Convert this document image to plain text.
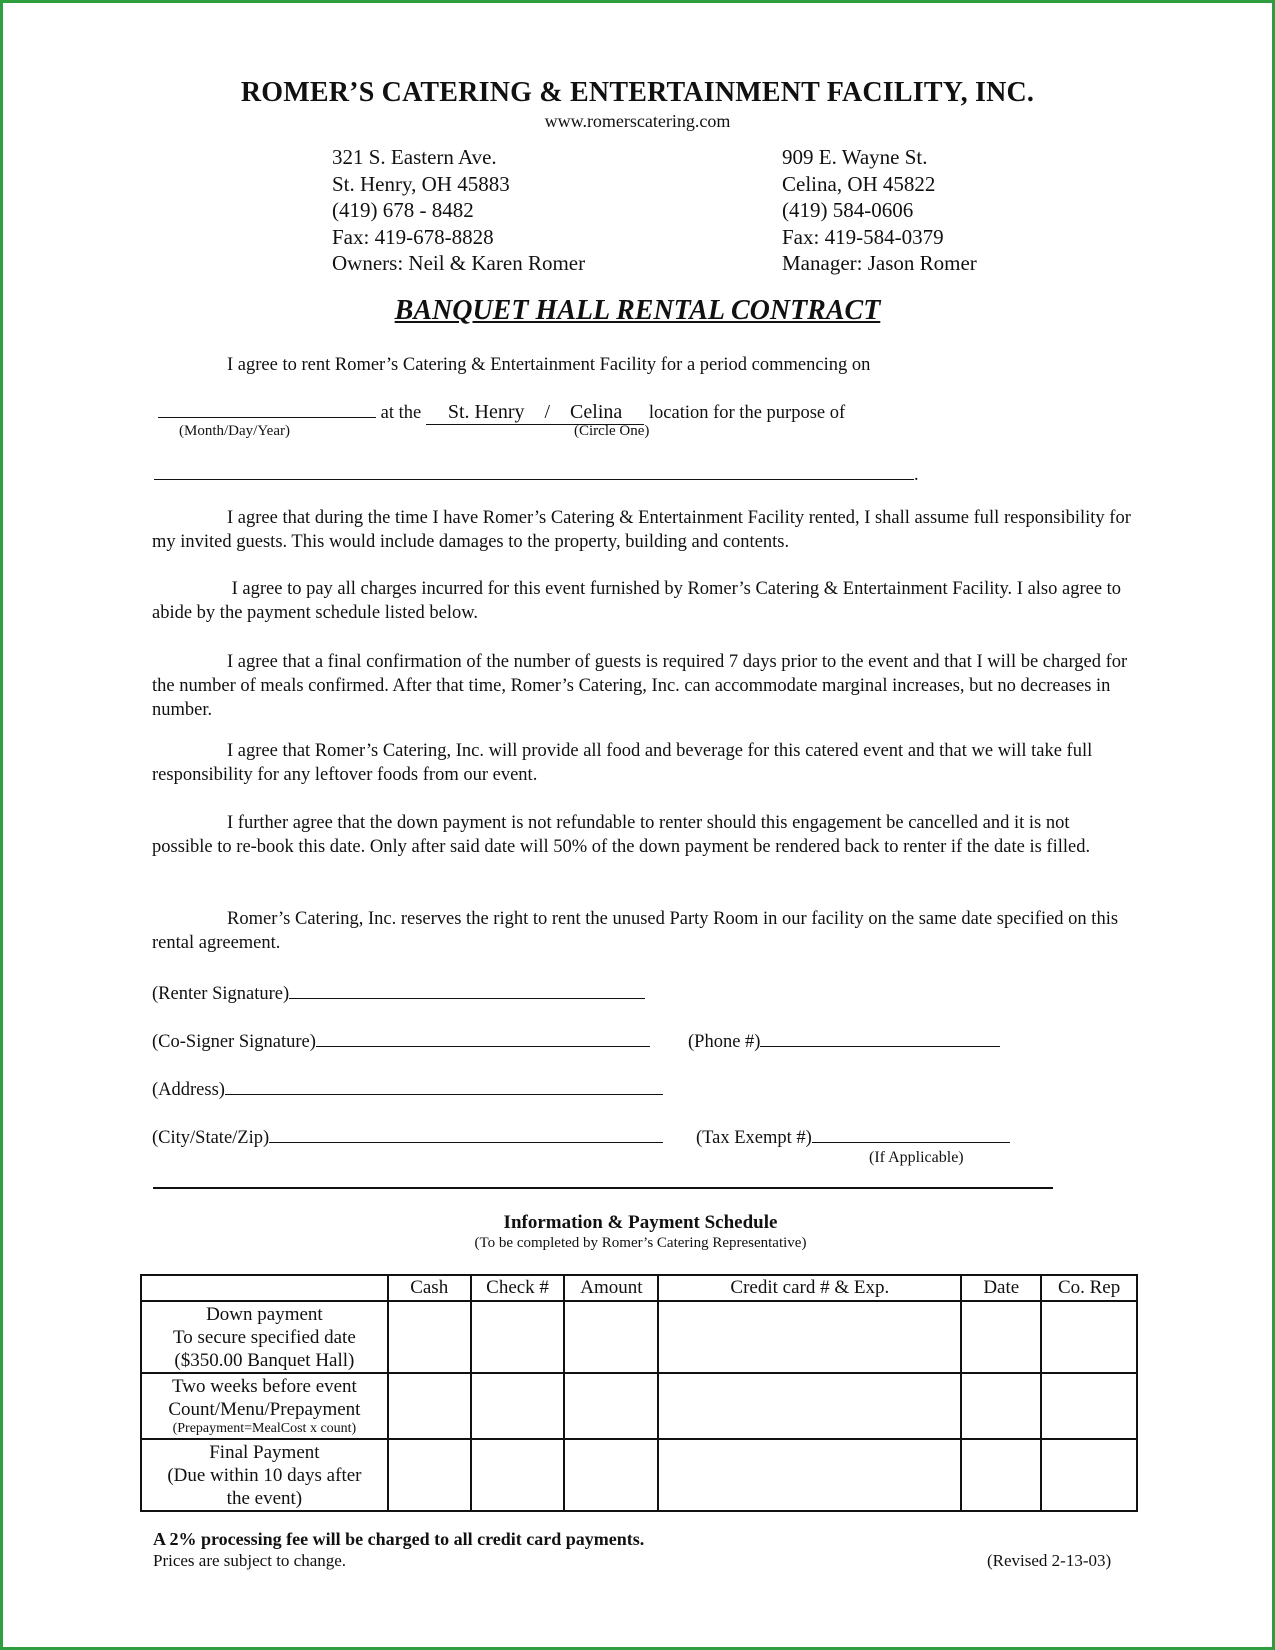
ROMER’S CATERING & ENTERTAINMENT FACILITY, INC.
www.romerscatering.com
321 S. Eastern Ave.
St. Henry, OH 45883
(419) 678 - 8482
Fax: 419-678-8828
Owners: Neil & Karen Romer
909 E. Wayne St.
Celina, OH 45822
(419) 584-0606
Fax: 419-584-0379
Manager: Jason Romer
BANQUET HALL RENTAL CONTRACT
I agree to rent Romer’s Catering & Entertainment Facility for a period commencing on
at the St. Henry    /    Celina location for the purpose of
(Month/Day/Year)	(Circle One)
.
I agree that during the time I have Romer’s Catering & Entertainment Facility rented, I shall assume full responsibility for my invited guests. This would include damages to the property, building and contents.
I agree to pay all charges incurred for this event furnished by Romer’s Catering & Entertainment Facility. I also agree to abide by the payment schedule listed below.
I agree that a final confirmation of the number of guests is required 7 days prior to the event and that I will be charged for the number of meals confirmed. After that time, Romer’s Catering, Inc. can accommodate marginal increases, but no decreases in number.
I agree that Romer’s Catering, Inc. will provide all food and beverage for this catered event and that we will take full responsibility for any leftover foods from our event.
I further agree that the down payment is not refundable to renter should this engagement be cancelled and it is not possible to re-book this date. Only after said date will 50% of the down payment be rendered back to renter if the date is filled.
Romer’s Catering, Inc. reserves the right to rent the unused Party Room in our facility on the same date specified on this rental agreement.
(Renter Signature)
(Co-Signer Signature)	(Phone #)
(Address)
(City/State/Zip)	(Tax Exempt #)
(If Applicable)
Information & Payment Schedule
(To be completed by Romer’s Catering Representative)
	Cash	Check #	Amount	Credit card # & Exp.	Date	Co. Rep

Down payment
To secure specified date
($350.00 Banquet Hall)						

Two weeks before event
Count/Menu/Prepayment
(Prepayment=MealCost x count)						

Final Payment
(Due within 10 days after
the event)						

A 2% processing fee will be charged to all credit card payments.
Prices are subject to change.	(Revised 2-13-03)
